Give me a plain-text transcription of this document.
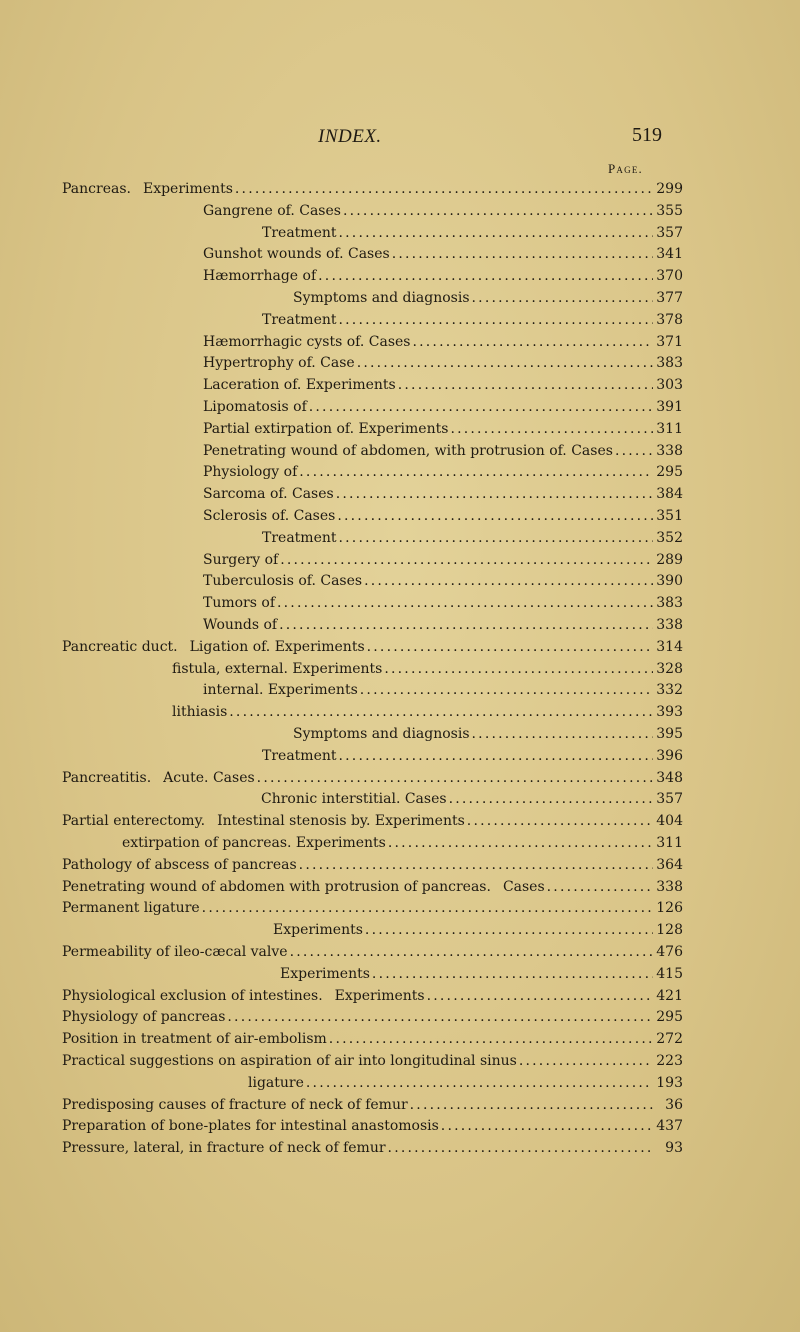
INDEX.	519
Page.
Pancreas. Experiments .....	299
Gangrene of. Cases .....	355
Treatment .....	357
Gunshot wounds of. Cases .....	341
Hæmorrhage of .....	370
Symptoms and diagnosis .....	377
Treatment .....	378
Hæmorrhagic cysts of. Cases .....	371
Hypertrophy of. Case .....	383
Laceration of. Experiments .....	303
Lipomatosis of .....	391
Partial extirpation of. Experiments .....	311
Penetrating wound of abdomen, with protrusion of. Cases .....	338
Physiology of .....	295
Sarcoma of. Cases .....	384
Sclerosis of. Cases .....	351
Treatment .....	352
Surgery of .....	289
Tuberculosis of. Cases .....	390
Tumors of .....	383
Wounds of .....	338
Pancreatic duct. Ligation of. Experiments .....	314
fistula, external. Experiments .....	328
internal. Experiments .....	332
lithiasis .....	393
Symptoms and diagnosis .....	395
Treatment .....	396
Pancreatitis. Acute. Cases .....	348
Chronic interstitial. Cases .....	357
Partial enterectomy. Intestinal stenosis by. Experiments .....	404
extirpation of pancreas. Experiments .....	311
Pathology of abscess of pancreas .....	364
Penetrating wound of abdomen with protrusion of pancreas. Cases .....	338
Permanent ligature .....	126
Experiments .....	128
Permeability of ileo-cæcal valve .....	476
Experiments .....	415
Physiological exclusion of intestines. Experiments .....	421
Physiology of pancreas .....	295
Position in treatment of air-embolism .....	272
Practical suggestions on aspiration of air into longitudinal sinus .....	223
ligature .....	193
Predisposing causes of fracture of neck of femur .....	36
Preparation of bone-plates for intestinal anastomosis .....	437
Pressure, lateral, in fracture of neck of femur .....	93
